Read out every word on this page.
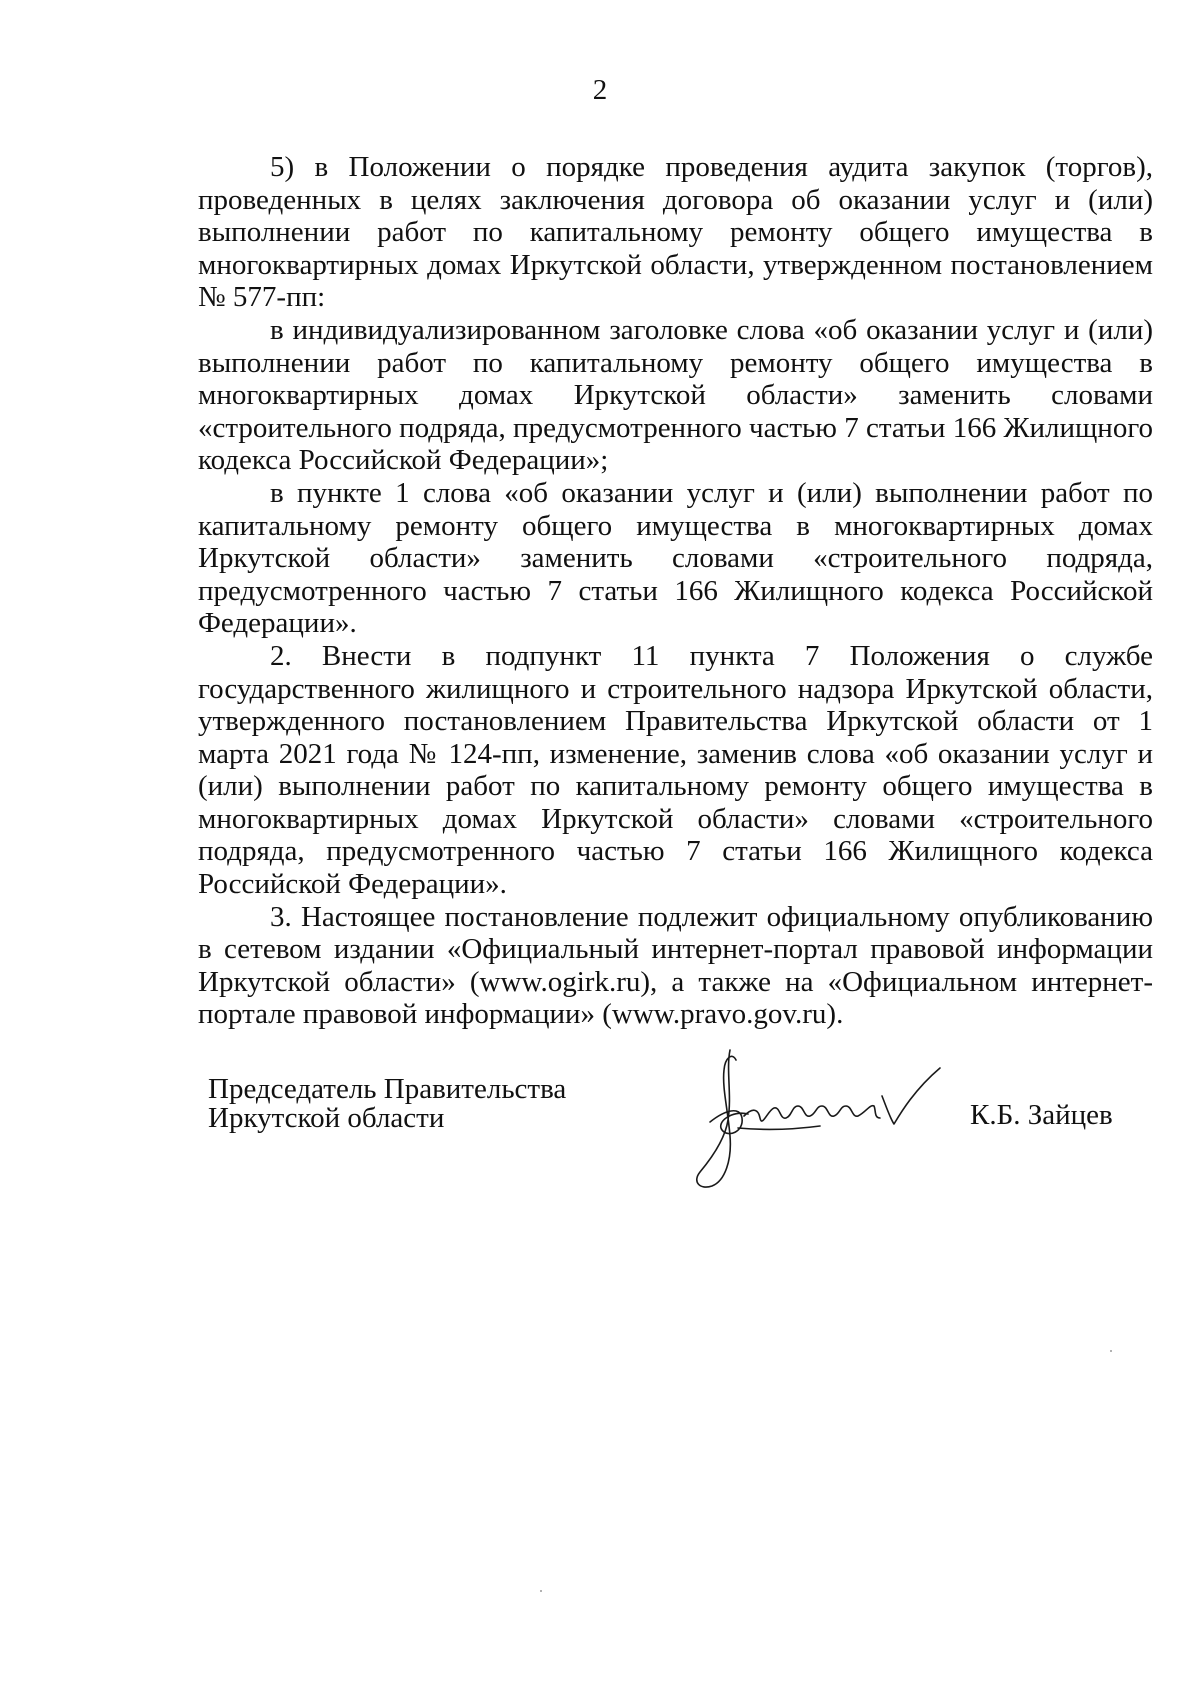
2

5) в Положении о порядке проведения аудита закупок (торгов), проведенных в целях заключения договора об оказании услуг и (или) выполнении работ по капитальному ремонту общего имущества в многоквартирных домах Иркутской области, утвержденном постановлением № 577-пп:

в индивидуализированном заголовке слова «об оказании услуг и (или) выполнении работ по капитальному ремонту общего имущества в многоквартирных домах Иркутской области» заменить словами «строительного подряда, предусмотренного частью 7 статьи 166 Жилищного кодекса Российской Федерации»;

в пункте 1 слова «об оказании услуг и (или) выполнении работ по капитальному ремонту общего имущества в многоквартирных домах Иркутской области» заменить словами «строительного подряда, предусмотренного частью 7 статьи 166 Жилищного кодекса Российской Федерации».

2. Внести в подпункт 11 пункта 7 Положения о службе государственного жилищного и строительного надзора Иркутской области, утвержденного постановлением Правительства Иркутской области от 1 марта 2021 года № 124-пп, изменение, заменив слова «об оказании услуг и (или) выполнении работ по капитальному ремонту общего имущества в многоквартирных домах Иркутской области» словами «строительного подряда, предусмотренного частью 7 статьи 166 Жилищного кодекса Российской Федерации».

3. Настоящее постановление подлежит официальному опубликованию в сетевом издании «Официальный интернет-портал правовой информации Иркутской области» (www.ogirk.ru), а также на «Официальном интернет-портале правовой информации» (www.pravo.gov.ru).

Председатель Правительства
Иркутской области	К.Б. Зайцев
